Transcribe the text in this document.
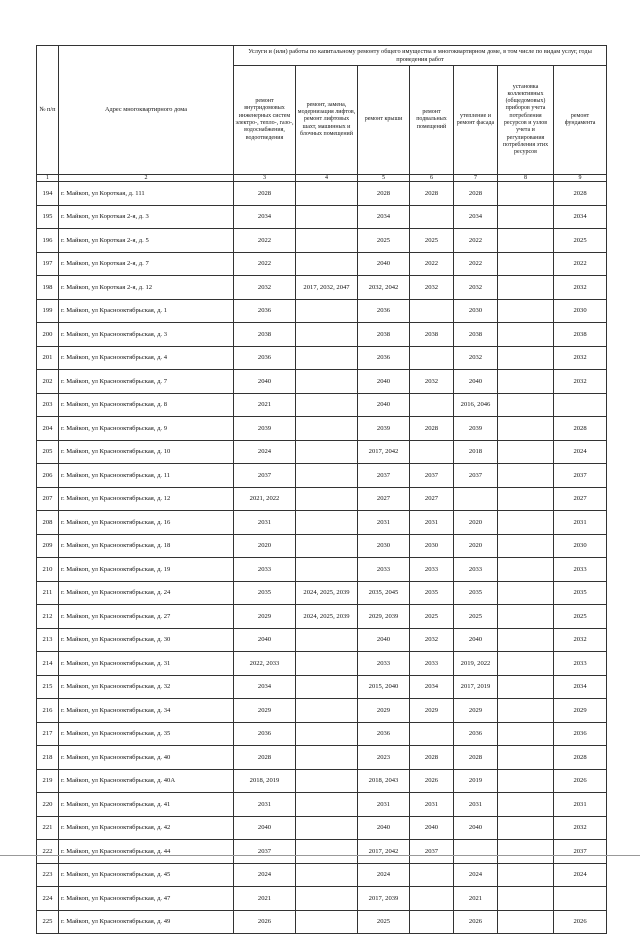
№ п/п	Адрес многоквартирного дома	Услуги и (или) работы по капитальному ремонту общего имущества в многоквартирном доме, в том числе по видам услуг, годы проведения работ						
		ремонт внутридомовых инженерных систем электро-, тепло-, газо-, водоснабжения, водоотведения	ремонт, замена, модернизация лифтов, ремонт лифтовых шахт, машинных и блочных помещений	ремонт крыши	ремонт подвальных помещений	утепление и ремонт фасада	установка коллективных (общедомовых) приборов учета потребления ресурсов и узлов учета и регулирования потребления этих ресурсов	ремонт фундамента
1	2	3	4	5	6	7	8	9
194	г. Майкоп, ул Короткая, д. 111	2028		2028	2028	2028		2028
195	г. Майкоп, ул Короткая 2-я, д. 3	2034		2034		2034		2034
196	г. Майкоп, ул Короткая 2-я, д. 5	2022		2025	2025	2022		2025
197	г. Майкоп, ул Короткая 2-я, д. 7	2022		2040	2022	2022		2022
198	г. Майкоп, ул Короткая 2-я, д. 12	2032	2017, 2032, 2047	2032, 2042	2032	2032		2032
199	г. Майкоп, ул Краснооктябрьская, д. 1	2036		2036		2030		2030
200	г. Майкоп, ул Краснооктябрьская, д. 3	2038		2038	2038	2038		2038
201	г. Майкоп, ул Краснооктябрьская, д. 4	2036		2036		2032		2032
202	г. Майкоп, ул Краснооктябрьская, д. 7	2040		2040	2032	2040		2032
203	г. Майкоп, ул Краснооктябрьская, д. 8	2021		2040		2016, 2046		
204	г. Майкоп, ул Краснооктябрьская, д. 9	2039		2039	2028	2039		2028
205	г. Майкоп, ул Краснооктябрьская, д. 10	2024		2017, 2042		2018		2024
206	г. Майкоп, ул Краснооктябрьская, д. 11	2037		2037	2037	2037		2037
207	г. Майкоп, ул Краснооктябрьская, д. 12	2021, 2022		2027	2027			2027
208	г. Майкоп, ул Краснооктябрьская, д. 16	2031		2031	2031	2020		2031
209	г. Майкоп, ул Краснооктябрьская, д. 18	2020		2030	2030	2020		2030
210	г. Майкоп, ул Краснооктябрьская, д. 19	2033		2033	2033	2033		2033
211	г. Майкоп, ул Краснооктябрьская, д. 24	2035	2024, 2025, 2039	2035, 2045	2035	2035		2035
212	г. Майкоп, ул Краснооктябрьская, д. 27	2029	2024, 2025, 2039	2029, 2039	2025	2025		2025
213	г. Майкоп, ул Краснооктябрьская, д. 30	2040		2040	2032	2040		2032
214	г. Майкоп, ул Краснооктябрьская, д. 31	2022, 2033		2033	2033	2019, 2022		2033
215	г. Майкоп, ул Краснооктябрьская, д. 32	2034		2015, 2040	2034	2017, 2019		2034
216	г. Майкоп, ул Краснооктябрьская, д. 34	2029		2029	2029	2029		2029
217	г. Майкоп, ул Краснооктябрьская, д. 35	2036		2036		2036		2036
218	г. Майкоп, ул Краснооктябрьская, д. 40	2028		2023	2028	2028		2028
219	г. Майкоп, ул Краснооктябрьская, д. 40А	2018, 2019		2018, 2043	2026	2019		2026
220	г. Майкоп, ул Краснооктябрьская, д. 41	2031		2031	2031	2031		2031
221	г. Майкоп, ул Краснооктябрьская, д. 42	2040		2040	2040	2040		2032
222	г. Майкоп, ул Краснооктябрьская, д. 44	2037		2017, 2042	2037			2037
223	г. Майкоп, ул Краснооктябрьская, д. 45	2024		2024		2024		2024
224	г. Майкоп, ул Краснооктябрьская, д. 47	2021		2017, 2039		2021		
225	г. Майкоп, ул Краснооктябрьская, д. 49	2026		2025		2026		2026
